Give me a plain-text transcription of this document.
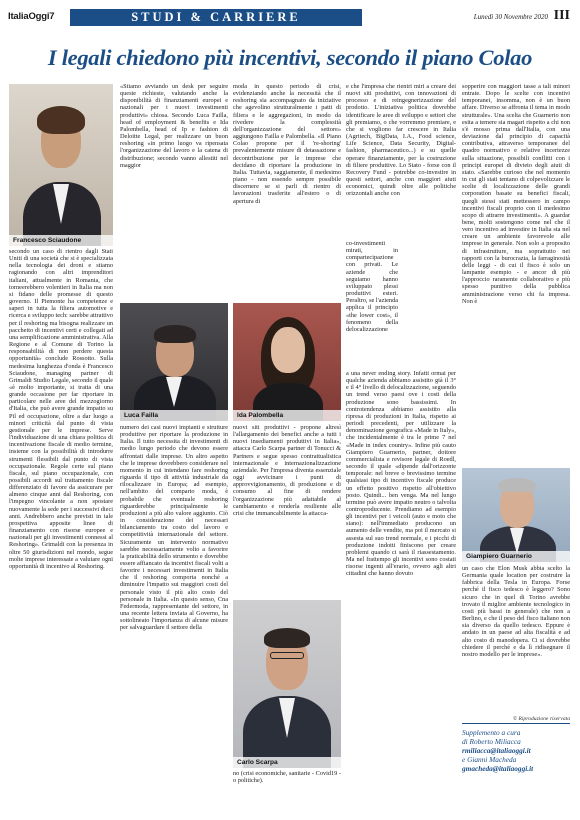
ItaliaOggi7	STUDI & CARRIERE	Lunedì 30 Novembre 2020 III
I legali chiedono più incentivi, secondo il piano Colao
Francesco Sciaudone

secondo un caso di rientro dagli Stati Uniti di una società che si è specializzata nella tecnologia dei droni e stiamo ragionando con altri imprenditori italiani, attualmente in Romania, che torneerebbero volentieri in Italia ma non si fidano delle promesse di questo governo. Il Piemonte ha competenze e saperi in tutta la filiera automotive e ricerca e sviluppo tech: sarebbe attrattivo per il reshoring ma bisogna realizzare un pacchetto di incentivi certi e collegati ad una semplificazione amministrativa. Alla Regione e al Comune di Torino la responsabilità di non perdere questa opportunità» conclude Rossotto. Sulla medesima lunghezza d'onda è Francesco Sciaudone, managing partner di Grimaldi Studio Legale, secondo il quale «è molto importante, si tratta di una grande occasione per far riportare in particolare nelle aree del mezzogiorno d'Italia, che può avere grande impatto su Pil ed occupazione, oltre a dar luogo a minori criticità dal punto di vista gestionale per le imprese. Serve l'individuazione di una chiara politica di incentivazione fiscale di medio termine, insieme con la possibilità di introdurre strumenti flessibili dal punto di vista occupazionale. Regole certe sul piano fiscale, sul piano occupazionale, con possibili accordi sul trattamento fiscale differenziato di favore da assicurare per almeno cinque anni dal Reshoring, con l'impegno vincolante a non spostare nuovamente la sede per i successivi dieci anni. Andrebbero anche previsti in tale prospettiva apposite linee di finanziamento con risorse europee e nazionali per gli investimenti connessi al Reshoring». Grimaldi con la presenza in oltre 50 giurisdizioni nel mondo, segue molte imprese interessate a valutare ogni opportunità di incentivo al Reshoring.

«Stiamo avviando un desk per seguire queste richieste, valutando anche la disponibilità di finanziamenti europei e nazionali per i nuovi investimenti produttivi» chiosa. Secondo Luca Failla, head of employment & benefits e Ida Palombella, head of Ip e fashion di Deloitte Legal, per realizzare un buon reshoring «in primo luogo va ripensata l'organizzazione del lavoro e la catena di distribuzione; secondo vanno allestiti nel maggior

Luca Failla

numero dei casi nuovi impianti e strutture produttive per riportare la produzione in Italia. Il tutto necessita di investimenti di medio lungo periodo che devono essere affrontati dalle imprese. Un altro aspetto che le imprese dovrebbero considerare nel momento in cui intendano fare reshoring riguarda il tipo di attività industriale da rilocalizzare in Europa; ad esempio, nell'ambito del comparto moda, è probabile che eventuale reshoring riguarderebbe principalmente le produzioni a più alto valore aggiunto. Ciò in considerazione dei necessari bilanciamento tra costo del lavoro e competitività internazionale del settore. Sicuramente un intervento normativo sarebbe necessariamente volto a favorire la praticabilità dello strumento e dovrebbe essere affiancato da incentivi fiscali volti a favorire i necessari investimenti in Italia che il reshoring comporta nonché a diminuire l'impatto sui maggiori costi del personale visto il più alto costo del personale in Italia. «In questo senso, Cna Federmoda, rappresentante del settore, in una recente lettera inviata al Governo, ha sottolineato l'importanza di alcune misure per salvaguardare il settore della

moda in questo periodo di crisi, evidenziando anche la necessità che il reshoring sia accompagnato da iniziative che agevolino strutturalmente i patti di filiera e le aggregazioni, in modo da rivedere la complessità dell'organizzazione del settore» aggiungono Failla e Palombella. «Il Piano Colao propone per il 're-shoring' prevalentemente misure di detassazione e decontribuzione per le imprese che decidano di riportare la produzione in Italia. Tuttavia, saggiamente, il medesimo piano - non essendo sempre possibile discernere se si parli di rientro di lavorazioni trasferite all'estero o di apertura di

Ida Palombella

nuovi siti produttivi - propone altresì l'allargamento dei benefici anche a tutti i nuovi insediamenti produttivi in Italia», attacca Carlo Scarpa partner di Tonucci & Partners e segue spesso contrattualistica internazionale e internazionalizzazione aziendale. Per l'impresa diventa essenziale oggi avvicinare i punti di approvvigionamento, di produzione e di consumo al fine di rendere l'organizzazione più adattabile al cambiamento e renderla resiliente alle crisi che immancabilmente la attacca-

Carlo Scarpa

no (crisi economiche, sanitarie - Covid19 - o politiche).

e che l'impresa che rientri miri a creare dei nuovi siti produttivi, con innovazioni di processo e di reingegnerizzazione del prodotto. L'iniziativa politica dovrebbe identificare le aree di sviluppo e settori che gli premiamo, o che vorremmo premiare, e che si vogliono far crescere in Italia (Agritech, BigData, I.A., Food science, Life Science, Data Security, Digital-fashion, pharmaceutico...) e su quelle operare finanziamente, per la costruzione di filiere produttive. Lo Stato - forse con il Recovery Fund - potrebbe co-investire in questi settori, anche con maggiori aiuti economici, quindi oltre alle politiche orizzontali anche con

co-investimenti mirati, in compartecipazione con privati. Le aziende che seguiamo hanno sviluppato plessi produttivi esteri. Peraltro, se l'azienda applica il principio «the lower cost», il fenomeno della delocalizzazione

a una never ending story. Infatti ormai per qualche azienda abbiamo assistito già il 3° e il 4° livello di delocalizzazione, seguendo un trend verso paesi ove i costi della produzione sono bassissimi. In controtendenza abbiamo assistito alla ripresa di produzioni in Italia, rispetto ai periodi precedenti, per utilizzare la denominazione geografica «Made in Italy», che incidentalmente è tra le prime 7 nel «Made in index country». Infine più cauto Giampiero Guarnerio, partner, dottore commercialista e revisore legale di Roedl, secondo il quale «dipende dall'orizzonte temporale: nel breve o brevissimo termine qualsiasi tipo di incentivo fiscale produce un effetto positivo rispetto all'obiettivo posto. Quindi... ben venga. Ma nel lungo termine può avere impatto neutro o talvolta controproducente. Prendiamo ad esempio gli incentivi per i veicoli (auto e moto che siano): nell'immediato producono un aumento delle vendite, ma poi il mercato si assesta sul suo trend normale, e i picchi di produzione indotti finiscono per creare problemi quando ci sarà il riassestamento. Ma nel frattempo gli incentivi sono costati risorse ingenti all'erario, ovvero agli altri cittadini che hanno dovuto

sopperire con maggiori tasse a tali minori entrate. Dopo le scelte con incentivi temporanei, insomma, non è un buon affare. Diverso se affronta il tema in modo strutturale». Una scelta che Guarnerio non esita a temere sia magari rispetto a chi non s'è mosso prima dall'Italia, con una deviazione dal principio di capacità contributiva, attraverso temporanee del quadro normativo e relative incertezze sulla situazione, possibili conflitti con i principi europei di divieto degli aiuti di stato. «Sarebbe curioso che nel momento in cui gli stati tentano di colpevolizzare le scelte di localizzazione delle grandi corporation basate su benefici fiscali, quegli stessi stati mettessero in campo incentivi fiscali proprio con il medesimo scopo di attrarre investimenti». A guardar bene, molti sostengono come nel che il vero incentivo ad investire in Italia sta nel creare un ambiente favorevole alle imprese in generale. Non solo a proposito di infrastrutture, ma soprattutto nei rapporti con la burocrazia, la farraginosità delle leggi - di cui il fisco è solo un lampante esempio - e ancor di più l'approccio raramente collaborativo e più spesso punitivo della pubblica amministrazione verso chi fa impresa. Non è

Giampiero Guarnerio

un caso che Elon Musk abbia scelto la Germania quale location per costruire la fabbrica della Tesla in Europa. Forse perché il fisco tedesco è leggero? Sono sicuro che in quel di Torino avrebbe trovato il miglior ambiente tecnologico in costi più bassi in generale) che non a Berlino, e che il peso del fisco italiano non sia diverso da quello tedesco. Eppure è andato in un paese ad alta fiscalità e ad alto costo di manodopera. Ci si dovrebbe chiedere il perché e da lì ridisegnare il nostro modello per le imprese».

© Riproduzione riservata
Supplemento a cura
di Roberto Miliacca
rmiliacca@italiaoggi.it
e Gianni Macheda
gmacheda@italiaoggi.it
